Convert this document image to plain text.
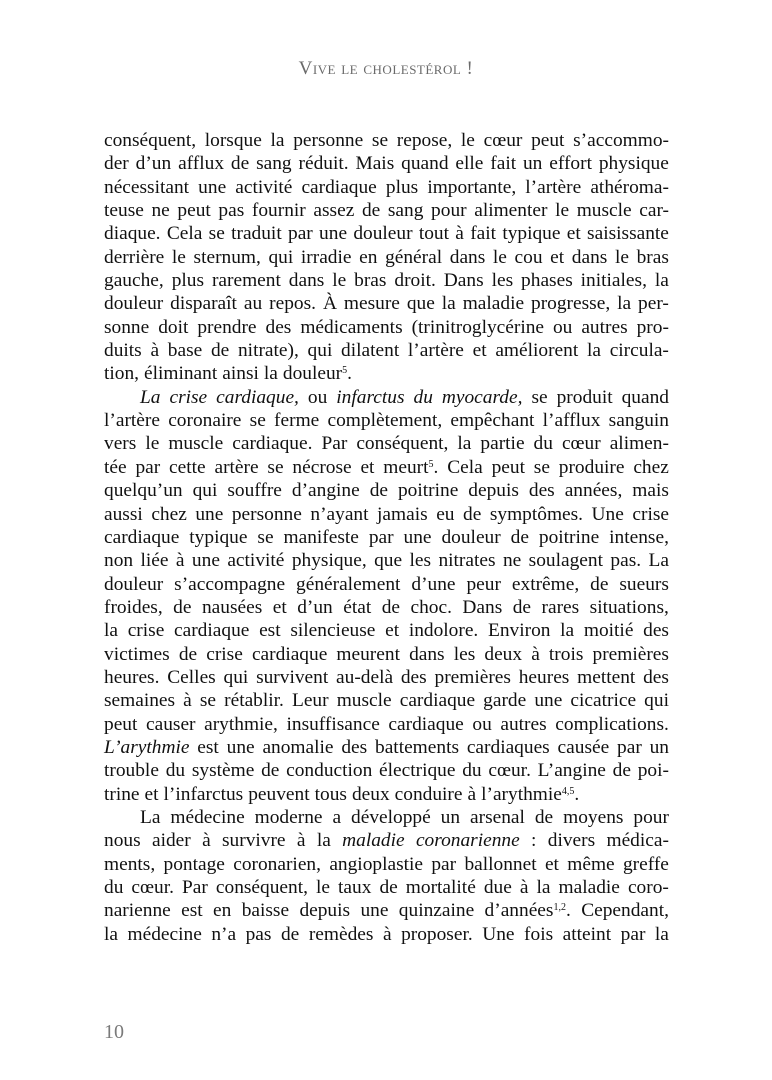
Vive le cholestérol !
conséquent, lorsque la personne se repose, le cœur peut s’accommo-
der d’un afflux de sang réduit. Mais quand elle fait un effort physique
nécessitant une activité cardiaque plus importante, l’artère athéroma-
teuse ne peut pas fournir assez de sang pour alimenter le muscle car-
diaque. Cela se traduit par une douleur tout à fait typique et saisissante
derrière le sternum, qui irradie en général dans le cou et dans le bras
gauche, plus rarement dans le bras droit. Dans les phases initiales, la
douleur disparaît au repos. À mesure que la maladie progresse, la per-
sonne doit prendre des médicaments (trinitroglycérine ou autres pro-
duits à base de nitrate), qui dilatent l’artère et améliorent la circula-
tion, éliminant ainsi la douleur$^5$.
La crise cardiaque, ou infarctus du myocarde, se produit quand
l’artère coronaire se ferme complètement, empêchant l’afflux sanguin
vers le muscle cardiaque. Par conséquent, la partie du cœur alimen-
tée par cette artère se nécrose et meurt$^5$. Cela peut se produire chez
quelqu’un qui souffre d’angine de poitrine depuis des années, mais
aussi chez une personne n’ayant jamais eu de symptômes. Une crise
cardiaque typique se manifeste par une douleur de poitrine intense,
non liée à une activité physique, que les nitrates ne soulagent pas. La
douleur s’accompagne généralement d’une peur extrême, de sueurs
froides, de nausées et d’un état de choc. Dans de rares situations,
la crise cardiaque est silencieuse et indolore. Environ la moitié des
victimes de crise cardiaque meurent dans les deux à trois premières
heures. Celles qui survivent au-delà des premières heures mettent des
semaines à se rétablir. Leur muscle cardiaque garde une cicatrice qui
peut causer arythmie, insuffisance cardiaque ou autres complications.
L’arythmie est une anomalie des battements cardiaques causée par un
trouble du système de conduction électrique du cœur. L’angine de poi-
trine et l’infarctus peuvent tous deux conduire à l’arythmie$^{4,5}$.
La médecine moderne a développé un arsenal de moyens pour
nous aider à survivre à la maladie coronarienne : divers médica-
ments, pontage coronarien, angioplastie par ballonnet et même greffe
du cœur. Par conséquent, le taux de mortalité due à la maladie coro-
narienne est en baisse depuis une quinzaine d’années$^{1,2}$. Cependant,
la médecine n’a pas de remèdes à proposer. Une fois atteint par la
10
